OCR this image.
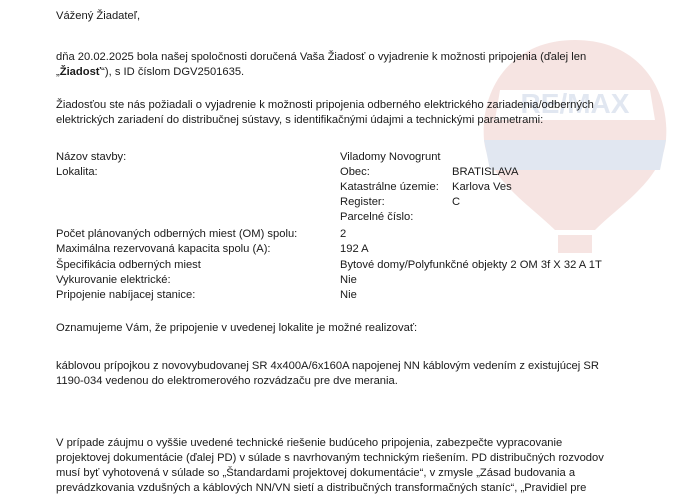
RE/MAX
Vážený Žiadateľ,
dňa 20.02.2025 bola našej spoločnosti doručená Vaša Žiadosť o vyjadrenie k možnosti pripojenia (ďalej len
„Žiadosť“), s ID číslom DGV2501635.
Žiadosťou ste nás požiadali o vyjadrenie k možnosti pripojenia odberného elektrického zariadenia/odberných
elektrických zariadení do distribučnej sústavy, s identifikačnými údajmi a technickými parametrami:
Názov stavby:	Viladomy Novogrunt
Lokalita:	Obec:	BRATISLAVA
Katastrálne územie: Karlova Ves
Register:	C
Parcelné číslo:
Počet plánovaných odberných miest (OM) spolu:	2
Maximálna rezervovaná kapacita spolu (A):	192 A
Špecifikácia odberných miest	Bytové domy/Polyfunkčné objekty 2 OM 3f X 32 A 1T
Vykurovanie elektrické:	Nie
Pripojenie nabíjacej stanice:	Nie
Oznamujeme Vám, že pripojenie v uvedenej lokalite je možné realizovať:
káblovou prípojkou z novovybudovanej SR 4x400A/6x160A napojenej NN káblovým vedením z existujúcej SR
1190-034 vedenou do elektromerového rozvádzaču pre dve merania.
V prípade záujmu o vyššie uvedené technické riešenie budúceho pripojenia, zabezpečte vypracovanie
projektovej dokumentácie (ďalej PD) v súlade s navrhovaným technickým riešením. PD distribučných rozvodov
musí byť vyhotovená v súlade so „Štandardami projektovej dokumentácie“, v zmysle „Zásad budovania a
prevádzkovania vzdušných a káblových NN/VN sietí a distribučných transformačných staníc“, „Pravidiel pre
